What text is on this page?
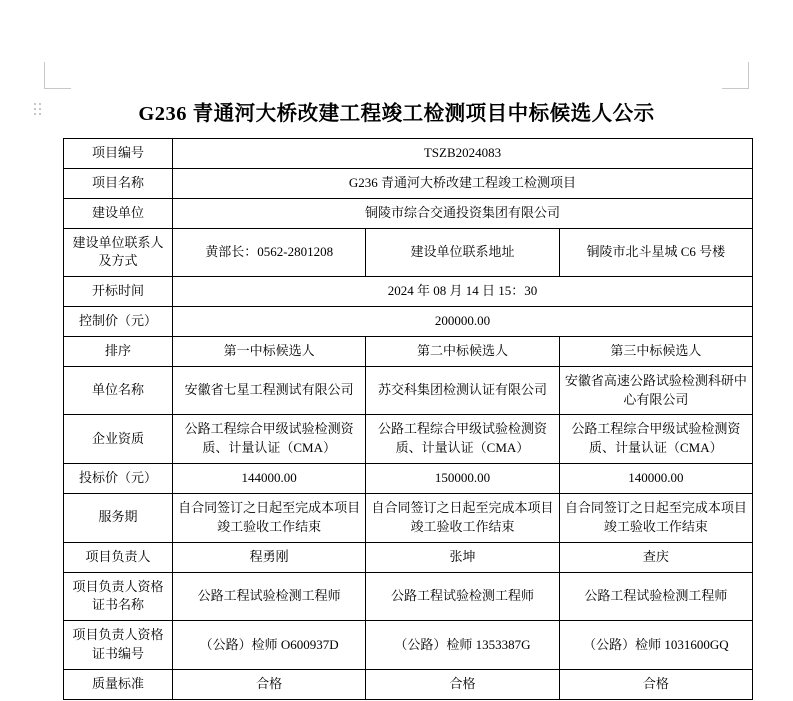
G236 青通河大桥改建工程竣工检测项目中标候选人公示
项目编号	TSZB2024083		
项目名称	G236 青通河大桥改建工程竣工检测项目		
建设单位	铜陵市综合交通投资集团有限公司		
建设单位联系人及方式	黄部长：0562-2801208	建设单位联系地址	铜陵市北斗星城 C6 号楼
开标时间	2024 年 08 月 14 日 15：30		
控制价（元）	200000.00		
排序	第一中标候选人	第二中标候选人	第三中标候选人
单位名称	安徽省七星工程测试有限公司	苏交科集团检测认证有限公司	安徽省高速公路试验检测科研中心有限公司
企业资质	公路工程综合甲级试验检测资质、计量认证（CMA）	公路工程综合甲级试验检测资质、计量认证（CMA）	公路工程综合甲级试验检测资质、计量认证（CMA）
投标价（元）	144000.00	150000.00	140000.00
服务期	自合同签订之日起至完成本项目竣工验收工作结束	自合同签订之日起至完成本项目竣工验收工作结束	自合同签订之日起至完成本项目竣工验收工作结束
项目负责人	程勇刚	张坤	查庆
项目负责人资格证书名称	公路工程试验检测工程师	公路工程试验检测工程师	公路工程试验检测工程师
项目负责人资格证书编号	（公路）检师 O600937D	（公路）检师 1353387G	（公路）检师 1031600GQ
质量标准	合格	合格	合格
